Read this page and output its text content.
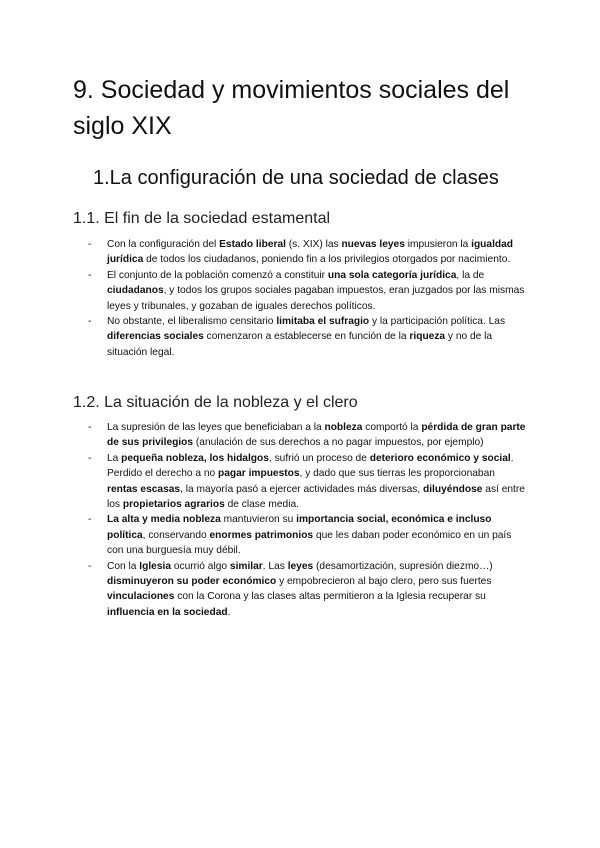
9. Sociedad y movimientos sociales del siglo XIX
1.La configuración de una sociedad de clases
1.1. El fin de la sociedad estamental
- Con la configuración del Estado liberal (s. XIX) las nuevas leyes impusieron la igualdad jurídica de todos los ciudadanos, poniendo fin a los privilegios otorgados por nacimiento.
- El conjunto de la población comenzó a constituir una sola categoría jurídica, la de ciudadanos, y todos los grupos sociales pagaban impuestos, eran juzgados por las mismas leyes y tribunales, y gozaban de iguales derechos políticos.
- No obstante, el liberalismo censitario limitaba el sufragio y la participación política. Las diferencias sociales comenzaron a establecerse en función de la riqueza y no de la situación legal.
1.2. La situación de la nobleza y el clero
- La supresión de las leyes que beneficiaban a la nobleza comportó la pérdida de gran parte de sus privilegios (anulación de sus derechos a no pagar impuestos, por ejemplo)
- La pequeña nobleza, los hidalgos, sufrió un proceso de deterioro económico y social. Perdido el derecho a no pagar impuestos, y dado que sus tierras les proporcionaban rentas escasas, la mayoría pasó a ejercer actividades más diversas, diluyéndose así entre los propietarios agrarios de clase media.
- La alta y media nobleza mantuvieron su importancia social, económica e incluso política, conservando enormes patrimonios que les daban poder económico en un país con una burguesía muy débil.
- Con la Iglesia ocurrió algo similar. Las leyes (desamortización, supresión diezmo…) disminuyeron su poder económico y empobrecieron al bajo clero, pero sus fuertes vinculaciones con la Corona y las clases altas permitieron a la Iglesia recuperar su influencia en la sociedad.
